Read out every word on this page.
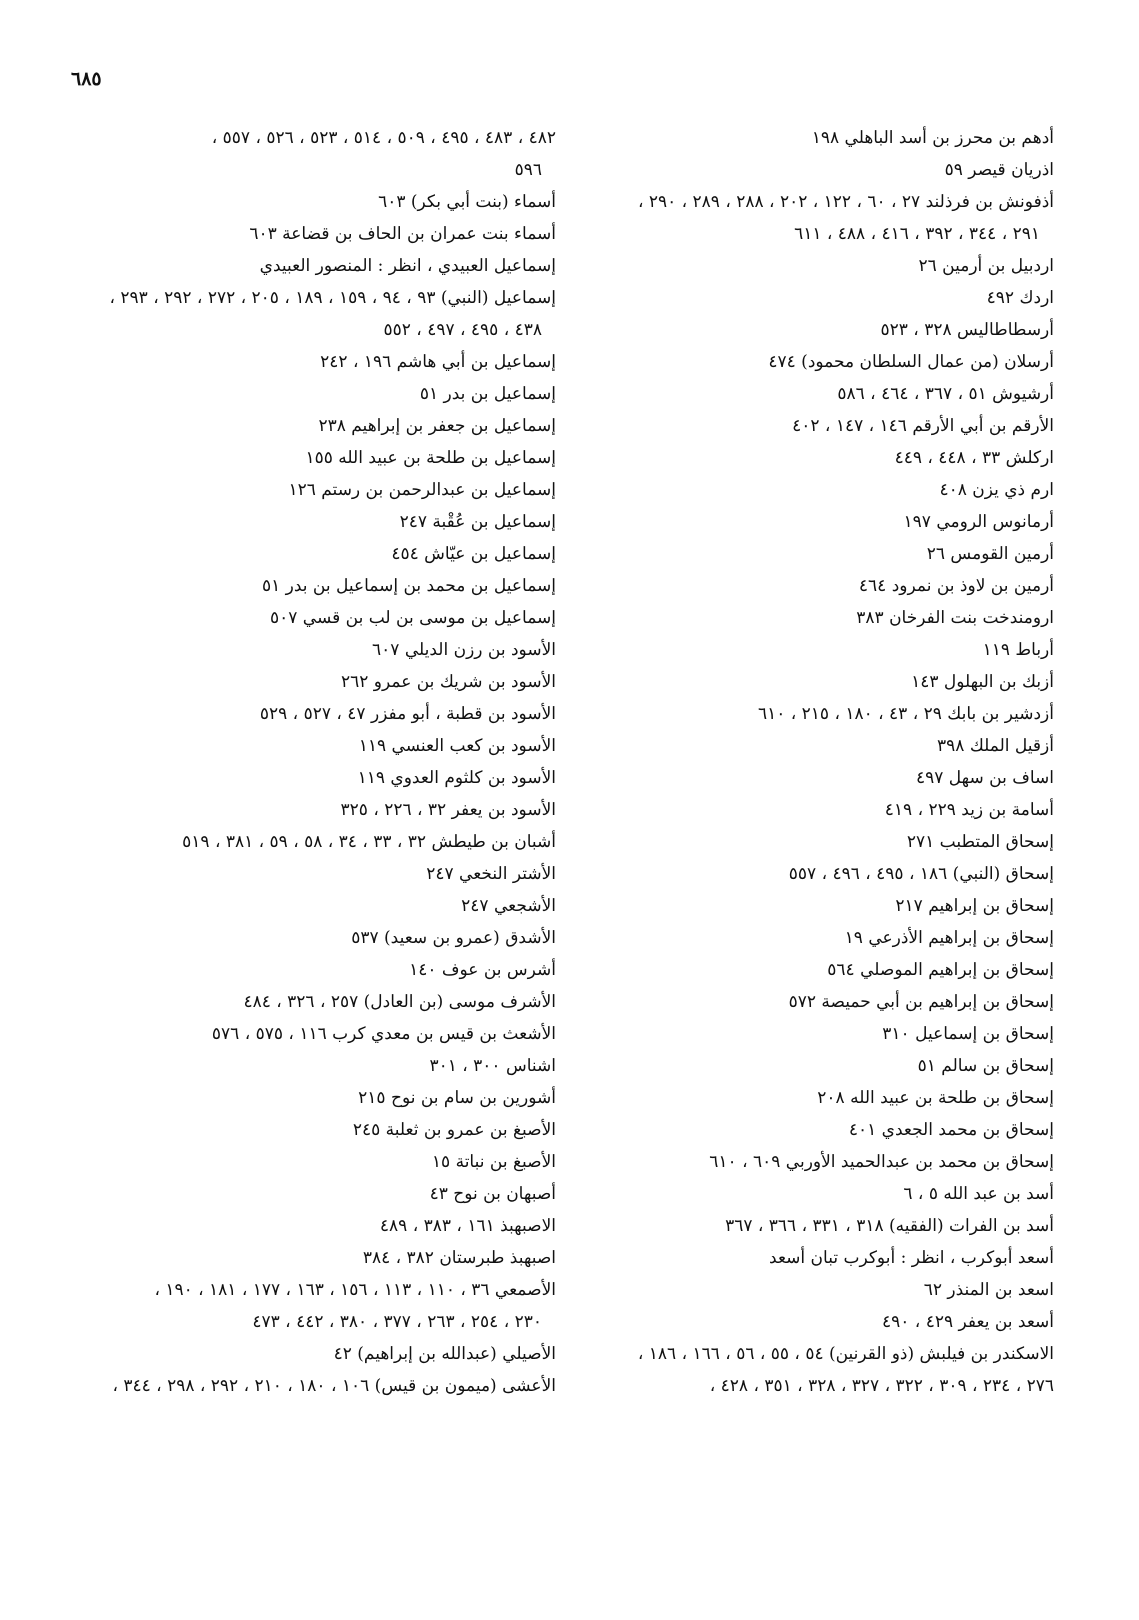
٦٨٥
أدهم بن محرز بن أسد الباهلي ١٩٨
اذريان قيصر ٥٩
أذفونش بن فرذلند ٢٧ ، ٦٠ ، ١٢٢ ، ٢٠٢ ، ٢٨٨ ، ٢٨٩ ، ٢٩٠ ،
٢٩١ ، ٣٤٤ ، ٣٩٢ ، ٤١٦ ، ٤٨٨ ، ٦١١
اردبيل بن أرمين ٢٦
اردك ٤٩٢
أرسطاطاليس ٣٢٨ ، ٥٢٣
أرسلان (من عمال السلطان محمود) ٤٧٤
أرشيوش ٥١ ، ٣٦٧ ، ٤٦٤ ، ٥٨٦
الأرقم بن أبي الأرقم ١٤٦ ، ١٤٧ ، ٤٠٢
اركلش ٣٣ ، ٤٤٨ ، ٤٤٩
ارم ذي يزن ٤٠٨
أرمانوس الرومي ١٩٧
أرمين القومس ٢٦
أرمين بن لاوذ بن نمرود ٤٦٤
ارومندخت بنت الفرخان ٣٨٣
أرباط ١١٩
أزبك بن البهلول ١٤٣
أزدشير بن بابك ٢٩ ، ٤٣ ، ١٨٠ ، ٢١٥ ، ٦١٠
أزقيل الملك ٣٩٨
اساف بن سهل ٤٩٧
أسامة بن زيد ٢٢٩ ، ٤١٩
إسحاق المتطبب ٢٧١
إسحاق (النبي) ١٨٦ ، ٤٩٥ ، ٤٩٦ ، ٥٥٧
إسحاق بن إبراهيم ٢١٧
إسحاق بن إبراهيم الأذرعي ١٩
إسحاق بن إبراهيم الموصلي ٥٦٤
إسحاق بن إبراهيم بن أبي حميصة ٥٧٢
إسحاق بن إسماعيل ٣١٠
إسحاق بن سالم ٥١
إسحاق بن طلحة بن عبيد الله ٢٠٨
إسحاق بن محمد الجعدي ٤٠١
إسحاق بن محمد بن عبدالحميد الأوربي ٦٠٩ ، ٦١٠
أسد بن عبد الله ٥ ، ٦
أسد بن الفرات (الفقيه) ٣١٨ ، ٣٣١ ، ٣٦٦ ، ٣٦٧
أسعد أبوكرب ، انظر : أبوكرب تبان أسعد
اسعد بن المنذر ٦٢
أسعد بن يعفر ٤٢٩ ، ٤٩٠
الاسكندر بن فيلبش (ذو القرنين) ٥٤ ، ٥٥ ، ٥٦ ، ١٦٦ ، ١٨٦ ،
٢٧٦ ، ٢٣٤ ، ٣٠٩ ، ٣٢٢ ، ٣٢٧ ، ٣٢٨ ، ٣٥١ ، ٤٢٨ ،
٤٨٢ ، ٤٨٣ ، ٤٩٥ ، ٥٠٩ ، ٥١٤ ، ٥٢٣ ، ٥٢٦ ، ٥٥٧ ،
٥٩٦
أسماء (بنت أبي بكر) ٦٠٣
أسماء بنت عمران بن الحاف بن قضاعة ٦٠٣
إسماعيل العبيدي ، انظر : المنصور العبيدي
إسماعيل (النبي) ٩٣ ، ٩٤ ، ١٥٩ ، ١٨٩ ، ٢٠٥ ، ٢٧٢ ، ٢٩٢ ، ٢٩٣ ،
٤٣٨ ، ٤٩٥ ، ٤٩٧ ، ٥٥٢
إسماعيل بن أبي هاشم ١٩٦ ، ٢٤٢
إسماعيل بن بدر ٥١
إسماعيل بن جعفر بن إبراهيم ٢٣٨
إسماعيل بن طلحة بن عبيد الله ١٥٥
إسماعيل بن عبدالرحمن بن رستم ١٢٦
إسماعيل بن عُقْبة ٢٤٧
إسماعيل بن عيّاش ٤٥٤
إسماعيل بن محمد بن إسماعيل بن بدر ٥١
إسماعيل بن موسى بن لب بن قسي ٥٠٧
الأسود بن رزن الديلي ٦٠٧
الأسود بن شريك بن عمرو ٢٦٢
الأسود بن قطبة ، أبو مفزر ٤٧ ، ٥٢٧ ، ٥٢٩
الأسود بن كعب العنسي ١١٩
الأسود بن كلثوم العدوي ١١٩
الأسود بن يعفر ٣٢ ، ٢٢٦ ، ٣٢٥
أشبان بن طيطش ٣٢ ، ٣٣ ، ٣٤ ، ٥٨ ، ٥٩ ، ٣٨١ ، ٥١٩
الأشتر النخعي ٢٤٧
الأشجعي ٢٤٧
الأشدق (عمرو بن سعيد) ٥٣٧
أشرس بن عوف ١٤٠
الأشرف موسى (بن العادل) ٢٥٧ ، ٣٢٦ ، ٤٨٤
الأشعث بن قيس بن معدي كرب ١١٦ ، ٥٧٥ ، ٥٧٦
اشناس ٣٠٠ ، ٣٠١
أشورين بن سام بن نوح ٢١٥
الأصبغ بن عمرو بن ثعلبة ٢٤٥
الأصبغ بن نباتة ١٥
أصبهان بن نوح ٤٣
الاصبهبذ ١٦١ ، ٣٨٣ ، ٤٨٩
اصبهبذ طبرستان ٣٨٢ ، ٣٨٤
الأصمعي ٣٦ ، ١١٠ ، ١١٣ ، ١٥٦ ، ١٦٣ ، ١٧٧ ، ١٨١ ، ١٩٠ ،
٢٣٠ ، ٢٥٤ ، ٢٦٣ ، ٣٧٧ ، ٣٨٠ ، ٤٤٢ ، ٤٧٣
الأصيلي (عبدالله بن إبراهيم) ٤٢
الأعشى (ميمون بن قيس) ١٠٦ ، ١٨٠ ، ٢١٠ ، ٢٩٢ ، ٢٩٨ ، ٣٤٤ ،
